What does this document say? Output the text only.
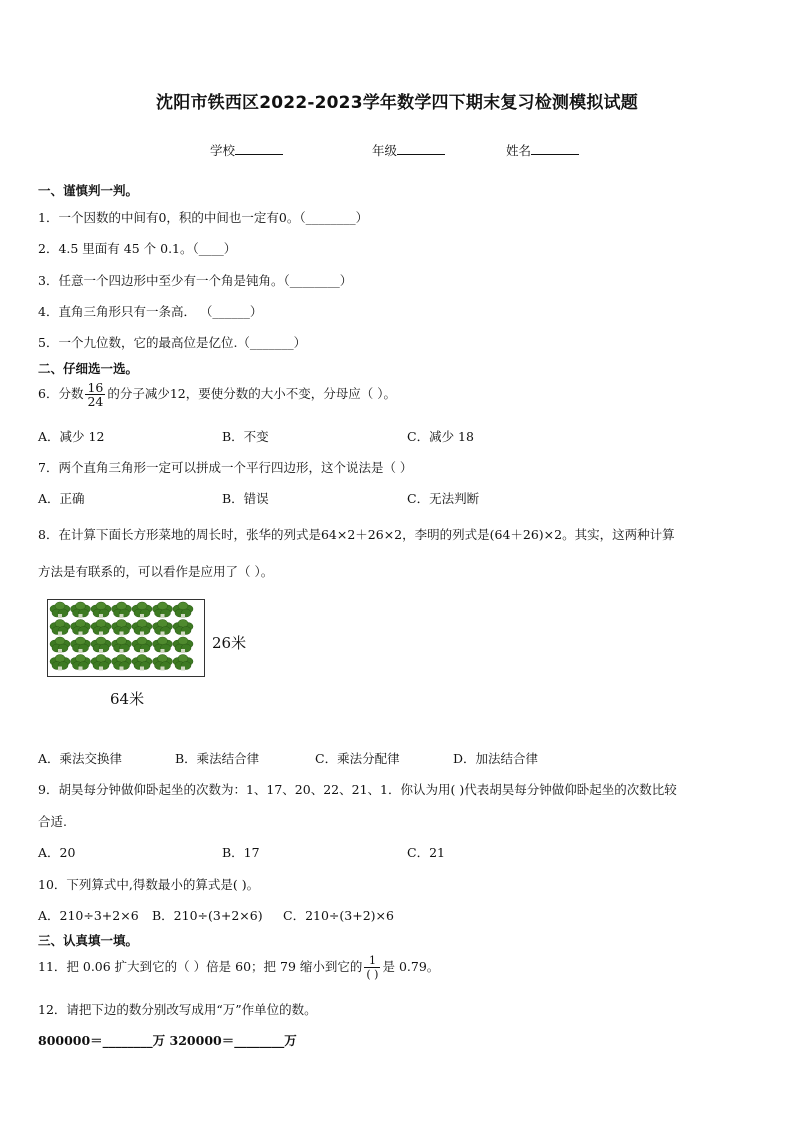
沈阳市铁西区2022-2023学年数学四下期末复习检测模拟试题
学校	年级	姓名
一、谨慎判一判。
1．一个因数的中间有0，积的中间也一定有0。（________）
2．4.5 里面有 45 个 0.1。（____）
3．任意一个四边形中至少有一个角是钝角。（________）
4．直角三角形只有一条高． （______）
5．一个九位数，它的最高位是亿位.（_______）
二、仔细选一选。
6．分数 $\frac{16}{24}$ 的分子减少12，要使分数的大小不变，分母应（ ）。
A．减少 12	B．不变	C．减少 18
7．两个直角三角形一定可以拼成一个平行四边形，这个说法是（ ）
A．正确	B．错误	C．无法判断
8．在计算下面长方形菜地的周长时，张华的列式是64×2＋26×2，李明的列式是(64＋26)×2。其实，这两种计算
方法是有联系的，可以看作是应用了（ ）。
26米
64米
A．乘法交换律	B．乘法结合律	C．乘法分配律	D．加法结合律
9．胡昊每分钟做仰卧起坐的次数为：1、17、20、22、21、1．你认为用( )代表胡昊每分钟做仰卧起坐的次数比较
合适.
A．20	B．17	C．21
10．下列算式中,得数最小的算式是( )。
A．210÷3+2×6 B．210÷(3+2×6) C．210÷(3+2)×6
三、认真填一填。
11．把 0.06 扩大到它的（ ）倍是 60；把 79 缩小到它的 $\frac{1}{( )}$ 是 0.79。
12．请把下边的数分别改写成用“万”作单位的数。
800000＝________万 320000＝________万
